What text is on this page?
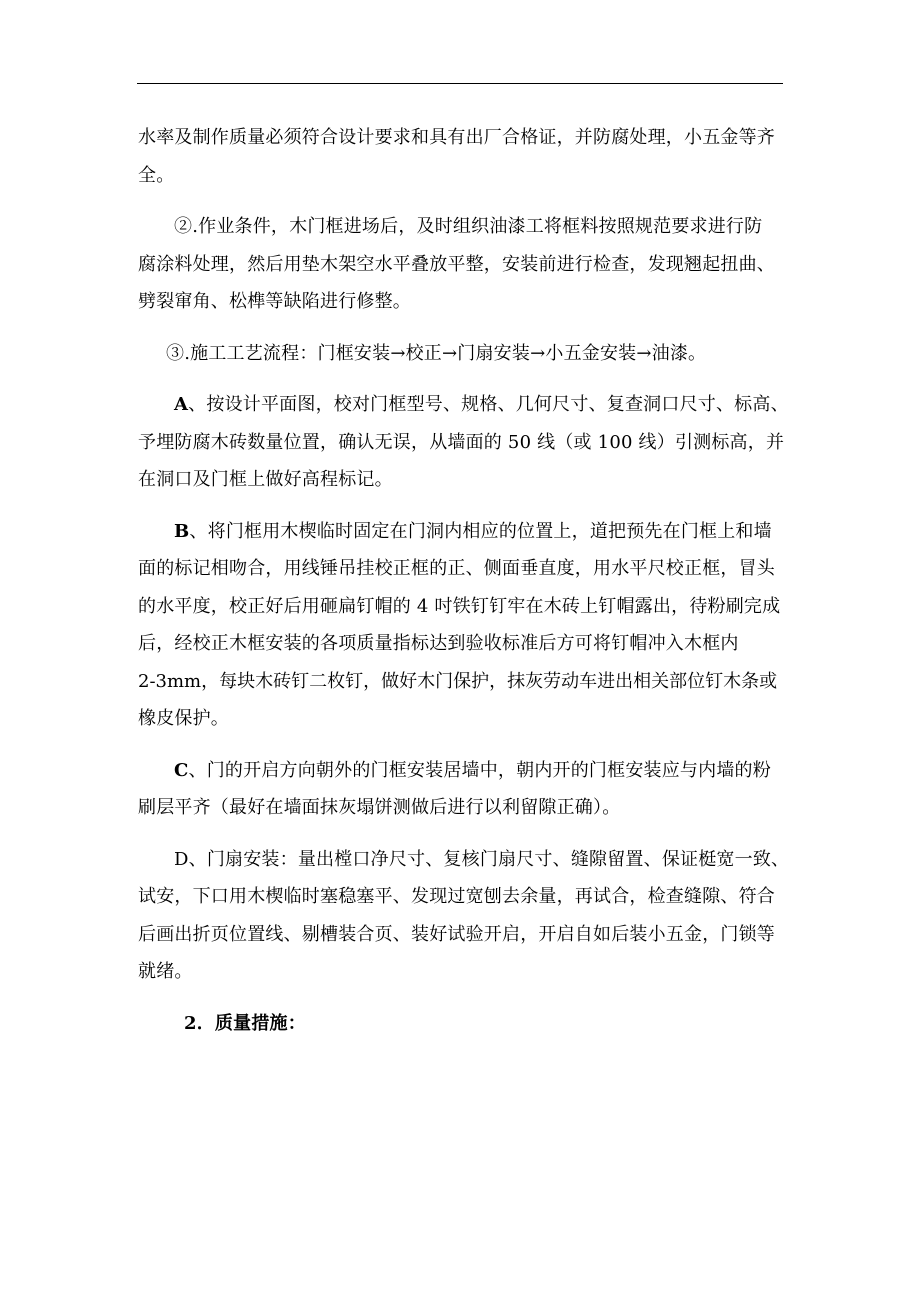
水率及制作质量必须符合设计要求和具有出厂合格证，并防腐处理，小五金等齐
全。

②.作业条件，木门框进场后，及时组织油漆工将框料按照规范要求进行防
腐涂料处理，然后用垫木架空水平叠放平整，安装前进行检查，发现翘起扭曲、
劈裂窜角、松榫等缺陷进行修整。

③.施工工艺流程：门框安装→校正→门扇安装→小五金安装→油漆。

A、按设计平面图，校对门框型号、规格、几何尺寸、复查洞口尺寸、标高、
予埋防腐木砖数量位置，确认无误，从墙面的 50 线（或 100 线）引测标高，并
在洞口及门框上做好高程标记。

B、将门框用木楔临时固定在门洞内相应的位置上，道把预先在门框上和墙
面的标记相吻合，用线锤吊挂校正框的正、侧面垂直度，用水平尺校正框，冒头
的水平度，校正好后用砸扁钉帽的 4 吋铁钉钉牢在木砖上钉帽露出，待粉刷完成
后，经校正木框安装的各项质量指标达到验收标准后方可将钉帽冲入木框内
2-3mm，每块木砖钉二枚钉，做好木门保护，抹灰劳动车进出相关部位钉木条或
橡皮保护。

C、门的开启方向朝外的门框安装居墙中，朝内开的门框安装应与内墙的粉
刷层平齐（最好在墙面抹灰塌饼测做后进行以利留隙正确）。

D、门扇安装：量出樘口净尺寸、复核门扇尺寸、缝隙留置、保证梃宽一致、
试安，下口用木楔临时塞稳塞平、发现过宽刨去余量，再试合，检查缝隙、符合
后画出折页位置线、剔槽装合页、装好试验开启，开启自如后装小五金，门锁等
就绪。

2．质量措施：
